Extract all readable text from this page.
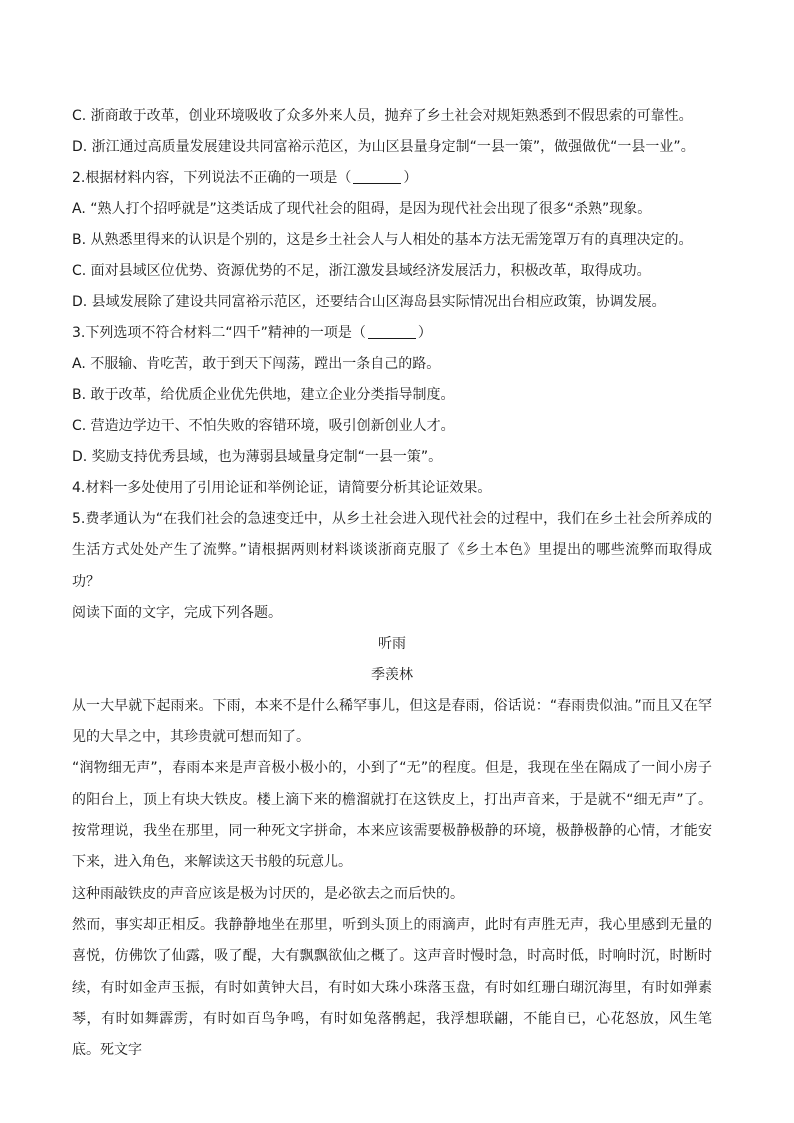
C. 浙商敢于改革，创业环境吸收了众多外来人员，抛弃了乡土社会对规矩熟悉到不假思索的可靠性。

D. 浙江通过高质量发展建设共同富裕示范区，为山区县量身定制“一县一策”，做强做优“一县一业”。

2.根据材料内容，下列说法不正确的一项是（	）

A. “熟人打个招呼就是”这类话成了现代社会的阻碍，是因为现代社会出现了很多“杀熟”现象。

B. 从熟悉里得来的认识是个别的，这是乡土社会人与人相处的基本方法无需笼罩万有的真理决定的。

C. 面对县域区位优势、资源优势的不足，浙江激发县域经济发展活力，积极改革，取得成功。

D. 县域发展除了建设共同富裕示范区，还要结合山区海岛县实际情况出台相应政策，协调发展。

3.下列选项不符合材料二“四千”精神的一项是（	）

A. 不服输、肯吃苦，敢于到天下闯荡，蹚出一条自己的路。

B. 敢于改革，给优质企业优先供地，建立企业分类指导制度。

C. 营造边学边干、不怕失败的容错环境，吸引创新创业人才。

D. 奖励支持优秀县域，也为薄弱县域量身定制“一县一策”。

4.材料一多处使用了引用论证和举例论证，请简要分析其论证效果。

5.费孝通认为“在我们社会的急速变迁中，从乡土社会进入现代社会的过程中，我们在乡土社会所养成的生活方式处处产生了流弊。”请根据两则材料谈谈浙商克服了《乡土本色》里提出的哪些流弊而取得成功？

阅读下面的文字，完成下列各题。

听雨

季羡林

从一大早就下起雨来。下雨，本来不是什么稀罕事儿，但这是春雨，俗话说：“春雨贵似油。”而且又在罕见的大旱之中，其珍贵就可想而知了。

“润物细无声”，春雨本来是声音极小极小的，小到了“无”的程度。但是，我现在坐在隔成了一间小房子的阳台上，顶上有块大铁皮。楼上滴下来的檐溜就打在这铁皮上，打出声音来，于是就不“细无声”了。按常理说，我坐在那里，同一种死文字拼命，本来应该需要极静极静的环境，极静极静的心情，才能安下来，进入角色，来解读这天书般的玩意儿。

这种雨敲铁皮的声音应该是极为讨厌的，是必欲去之而后快的。

然而，事实却正相反。我静静地坐在那里，听到头顶上的雨滴声，此时有声胜无声，我心里感到无量的喜悦，仿佛饮了仙露，吸了醍，大有飘飘欲仙之概了。这声音时慢时急，时高时低，时响时沉，时断时续，有时如金声玉振，有时如黄钟大吕，有时如大珠小珠落玉盘，有时如红珊白瑚沉海里，有时如弹素琴，有时如舞霹雳，有时如百鸟争鸣，有时如兔落鹘起，我浮想联翩，不能自已，心花怒放，风生笔底。死文字
